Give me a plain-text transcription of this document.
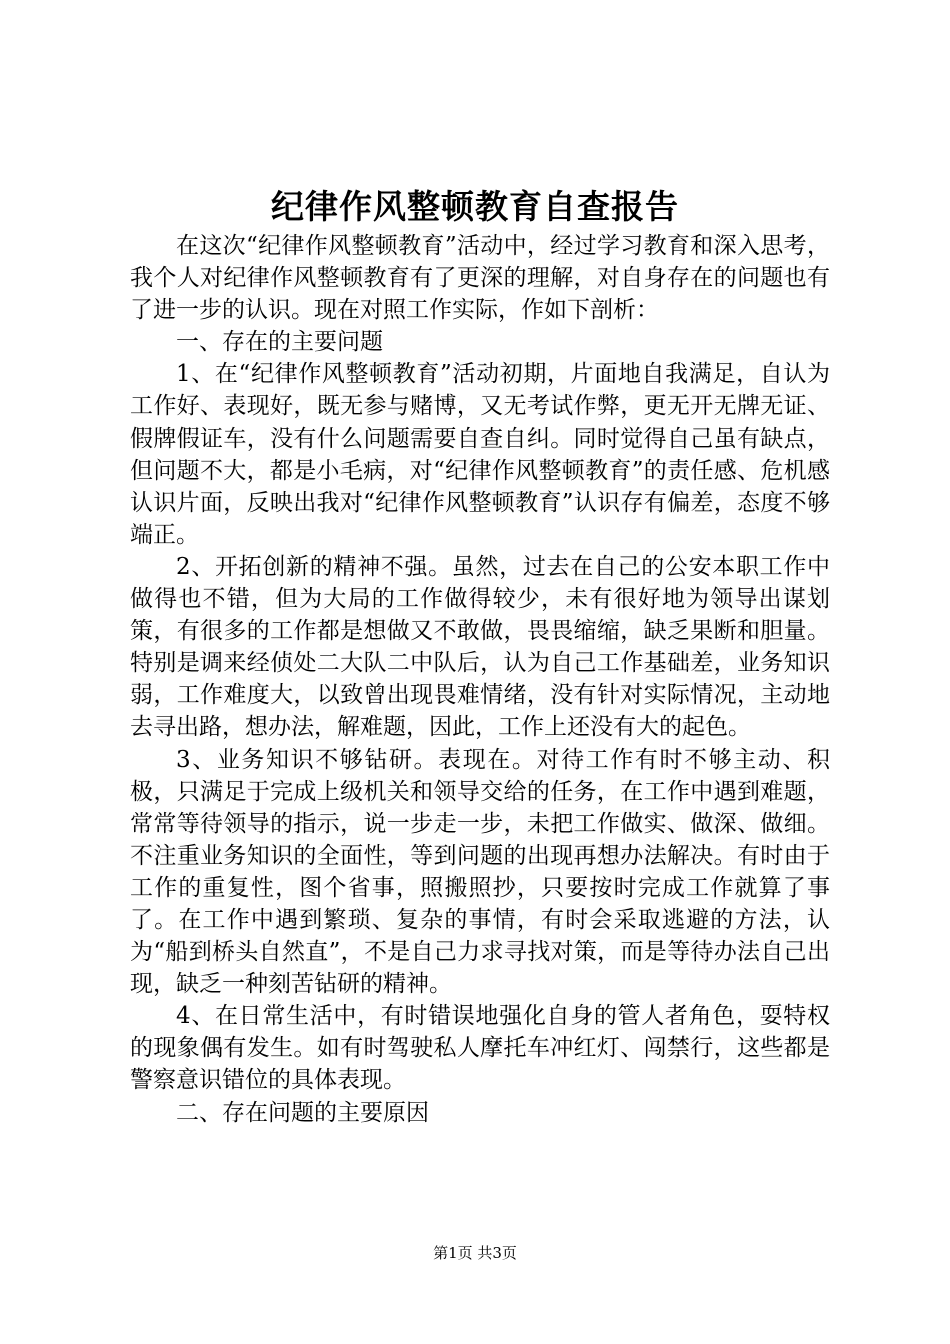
纪律作风整顿教育自查报告

在这次“纪律作风整顿教育”活动中，经过学习教育和深入思考，我个人对纪律作风整顿教育有了更深的理解，对自身存在的问题也有了进一步的认识。现在对照工作实际，作如下剖析：

一、存在的主要问题

1、在“纪律作风整顿教育”活动初期，片面地自我满足，自认为工作好、表现好，既无参与赌博，又无考试作弊，更无开无牌无证、假牌假证车，没有什么问题需要自查自纠。同时觉得自己虽有缺点，但问题不大，都是小毛病，对“纪律作风整顿教育”的责任感、危机感认识片面，反映出我对“纪律作风整顿教育”认识存有偏差，态度不够端正。

2、开拓创新的精神不强。虽然，过去在自己的公安本职工作中做得也不错，但为大局的工作做得较少，未有很好地为领导出谋划策，有很多的工作都是想做又不敢做，畏畏缩缩，缺乏果断和胆量。特别是调来经侦处二大队二中队后，认为自己工作基础差，业务知识弱，工作难度大，以致曾出现畏难情绪，没有针对实际情况，主动地去寻出路，想办法，解难题，因此，工作上还没有大的起色。

3、业务知识不够钻研。表现在。对待工作有时不够主动、积极，只满足于完成上级机关和领导交给的任务，在工作中遇到难题，常常等待领导的指示，说一步走一步，未把工作做实、做深、做细。不注重业务知识的全面性，等到问题的出现再想办法解决。有时由于工作的重复性，图个省事，照搬照抄，只要按时完成工作就算了事了。在工作中遇到繁琐、复杂的事情，有时会采取逃避的方法，认为“船到桥头自然直”，不是自己力求寻找对策，而是等待办法自己出现，缺乏一种刻苦钻研的精神。

4、在日常生活中，有时错误地强化自身的管人者角色，耍特权的现象偶有发生。如有时驾驶私人摩托车冲红灯、闯禁行，这些都是警察意识错位的具体表现。

二、存在问题的主要原因

第1页 共3页
